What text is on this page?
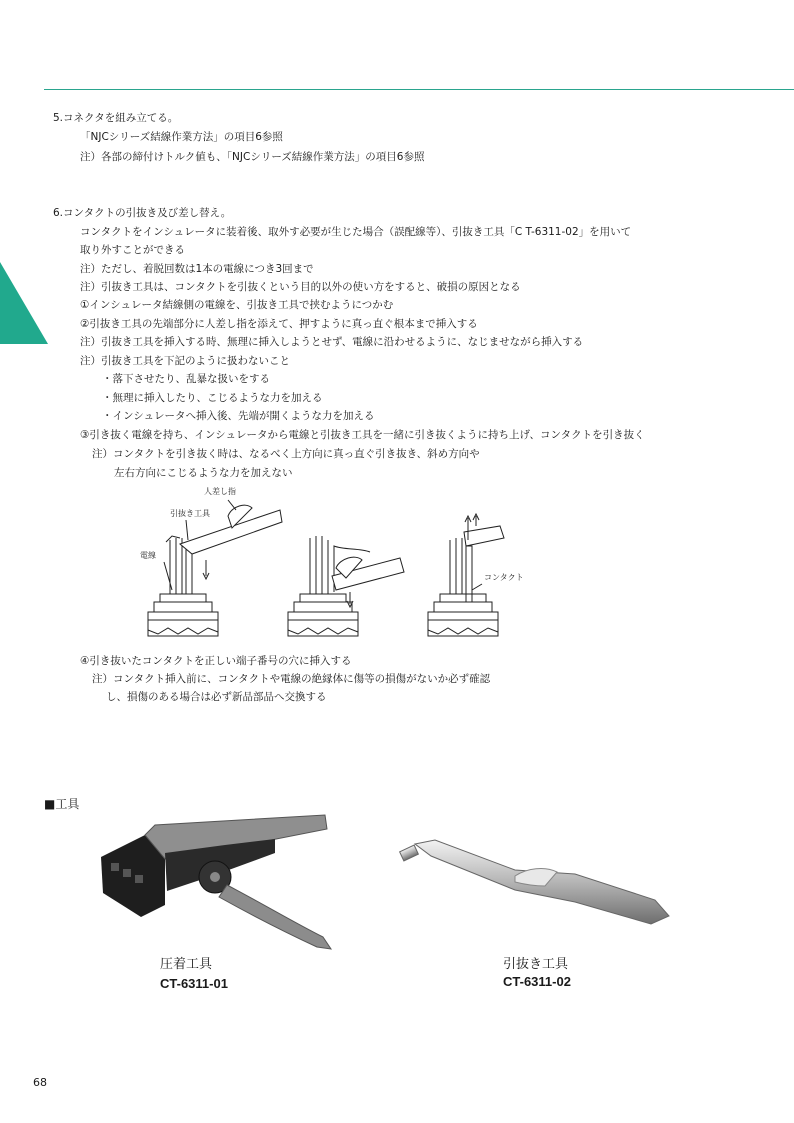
5.コネクタを組み立てる。
「NJCシリーズ結線作業方法」の項目6参照
注）各部の締付けトルク値も、「NJCシリーズ結線作業方法」の項目6参照
6.コンタクトの引抜き及び差し替え。
コンタクトをインシュレータに装着後、取外す必要が生じた場合（誤配線等）、引抜き工具「C T-6311-02」を用いて
取り外すことができる
注）ただし、着脱回数は1本の電線につき3回まで
注）引抜き工具は、コンタクトを引抜くという目的以外の使い方をすると、破損の原因となる
①インシュレータ結線側の電線を、引抜き工具で挟むようにつかむ
②引抜き工具の先端部分に人差し指を添えて、押すように真っ直ぐ根本まで挿入する
注）引抜き工具を挿入する時、無理に挿入しようとせず、電線に沿わせるように、なじませながら挿入する
注）引抜き工具を下記のように扱わないこと
・落下させたり、乱暴な扱いをする
・無理に挿入したり、こじるような力を加える
・インシュレータへ挿入後、先端が開くような力を加える
③引き抜く電線を持ち、インシュレータから電線と引抜き工具を一緒に引き抜くように持ち上げ、コンタクトを引き抜く
注）コンタクトを引き抜く時は、なるべく上方向に真っ直ぐ引き抜き、斜め方向や
左右方向にこじるような力を加えない
人差し指
引抜き工具
電線
コンタクト
④引き抜いたコンタクトを正しい端子番号の穴に挿入する
注）コンタクト挿入前に、コンタクトや電線の絶縁体に傷等の損傷がないか必ず確認
し、損傷のある場合は必ず新品部品へ交換する
■工具
圧着工具
CT-6311-01
引抜き工具
CT-6311-02
68
